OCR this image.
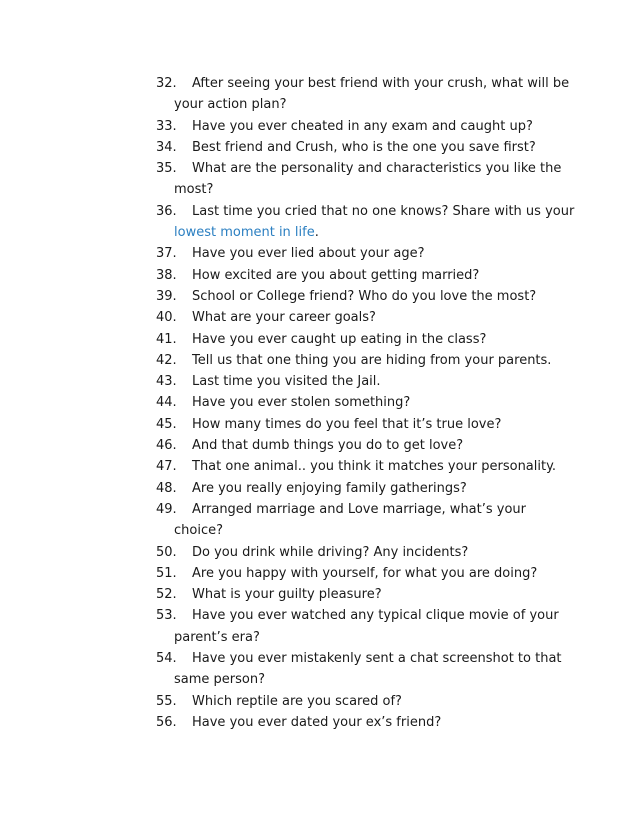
32. After seeing your best friend with your crush, what will be your action plan?
33. Have you ever cheated in any exam and caught up?
34. Best friend and Crush, who is the one you save first?
35. What are the personality and characteristics you like the most?
36. Last time you cried that no one knows? Share with us your lowest moment in life.
37. Have you ever lied about your age?
38. How excited are you about getting married?
39. School or College friend? Who do you love the most?
40. What are your career goals?
41. Have you ever caught up eating in the class?
42. Tell us that one thing you are hiding from your parents.
43. Last time you visited the Jail.
44. Have you ever stolen something?
45. How many times do you feel that it’s true love?
46. And that dumb things you do to get love?
47. That one animal.. you think it matches your personality.
48. Are you really enjoying family gatherings?
49. Arranged marriage and Love marriage, what’s your choice?
50. Do you drink while driving? Any incidents?
51. Are you happy with yourself, for what you are doing?
52. What is your guilty pleasure?
53. Have you ever watched any typical clique movie of your parent’s era?
54. Have you ever mistakenly sent a chat screenshot to that same person?
55. Which reptile are you scared of?
56. Have you ever dated your ex’s friend?
